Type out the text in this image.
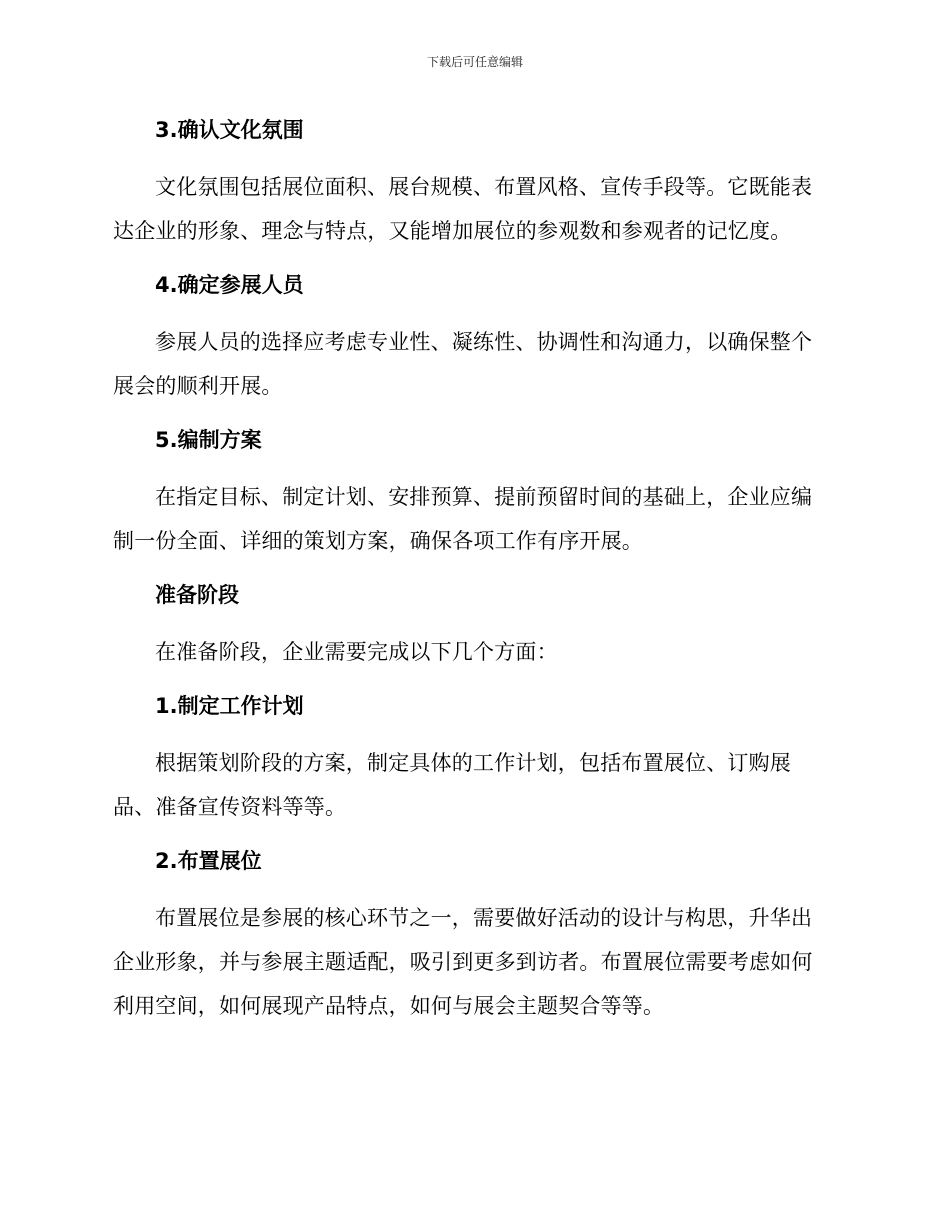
下载后可任意编辑
3.确认文化氛围

文化氛围包括展位面积、展台规模、布置风格、宣传手段等。它既能表达企业的形象、理念与特点，又能增加展位的参观数和参观者的记忆度。

4.确定参展人员

参展人员的选择应考虑专业性、凝练性、协调性和沟通力，以确保整个展会的顺利开展。

5.编制方案

在指定目标、制定计划、安排预算、提前预留时间的基础上，企业应编制一份全面、详细的策划方案，确保各项工作有序开展。

准备阶段

在准备阶段，企业需要完成以下几个方面：

1.制定工作计划

根据策划阶段的方案，制定具体的工作计划，包括布置展位、订购展品、准备宣传资料等等。

2.布置展位

布置展位是参展的核心环节之一，需要做好活动的设计与构思，升华出企业形象，并与参展主题适配，吸引到更多到访者。布置展位需要考虑如何利用空间，如何展现产品特点，如何与展会主题契合等等。
